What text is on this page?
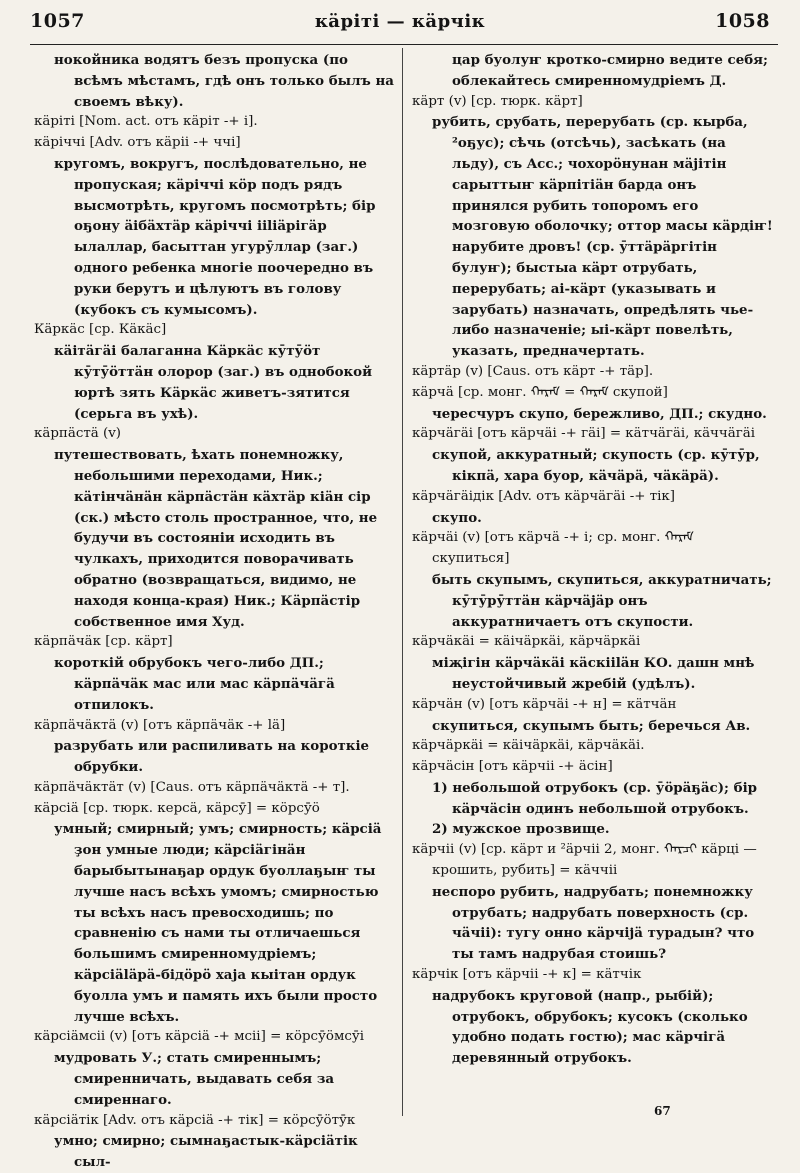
1057	кäрiтi — кäрчiк	1058

нокойника водятъ безъ пропуска (по всѣмъ мѣстамъ, гдѣ онъ только былъ на своемъ вѣку).

кäрiтi [Nom. act. отъ кäрiт ‑+ i].

кäрiччi [Adv. отъ кäрii ‑+ ччi]

кругомъ, вокругъ, послѣдовательно, не пропуская; кäрiччi кöр подъ рядъ высмотрѣть, кругомъ посмотрѣть; бiр оҕону äiбäхтäр кäрiччi iiliäрiгäр ылаллар, басыттан угурӯллар (заг.) одного ребенка многiе поочередно въ руки берутъ и цѣлуютъ въ голову (кубокъ съ кумысомъ).

Кäркäс [ср. Кäкäс]

кäiтäгäi балаганна Кäркäс кӯтӯöт кӯтӯӧттäн олорор (заг.) въ однобокой юртѣ зять Кäркäс живетъ-зятится (серьга въ ухѣ).

кäрпäстä (v)

путешествовать, ѣхать понемножку, небольшими переходами, Ник.; кäтiнчäнäн кäрпäстäн кäхтäр кiäн сiр (ск.) мѣсто столь пространное, что, не будучи въ состоянiи исходить въ чулкахъ, приходится поворачивать обратно (возвращаться, видимо, не находя конца-края) Ник.; Кäрпäстiр собственное имя Худ.

кäрпäчäк [ср. кäрт]

короткiй обрубокъ чего-либо ДП.; кäрпäчäк мас или мас кäрпäчäгä отпилокъ.

кäрпäчäктä (v) [отъ кäрпäчäк ‑+ lä]

разрубать или распиливать на короткiе обрубки.

кäрпäчäктäт (v) [Caus. отъ кäрпäчäктä ‑+ т].

кäрсiä [ср. тюрк. керсä, кäрсӯ] = кöрсӯö

умный; смирный; умъ; смирность; кäрсiä ҙон умные люди; кäрсiäгiнäн барыбытынаҕар ордук буоллаҕыҥ ты лучше насъ всѣхъ умомъ; смирностью ты всѣхъ насъ превосходишь; по сравненiю съ нами ты отличаешься большимъ смиренномудрiемъ; кäрсiäläрä-бiдöрö хаjа кыiтан ордук буолла умъ и память ихъ были просто лучше всѣхъ.

кäрсiäмсii (v) [отъ кäрсiä ‑+ мсii] = кöрсӯöмсӯi

мудровать У.; стать смиреннымъ; смиренничать, выдавать себя за смиреннаго.

кäрсiäтiк [Adv. отъ кäрсiä ‑+ тiк] = кöрсӯöтӯк

умно; смирно; сымнаҕастык-кäрсiäтiк сыл-

цар буолуҥ кротко-смирно ведите себя; облекайтесь смиренномудрiемъ Д.

кäрт (v) [ср. тюрк. кäрт]

рубить, срубать, перерубать (ср. кырба, ²оҕус); сѣчь (отсѣчь), засѣкать (на льду), съ Acc.; чохорӧнунан мäjiтiн сарыттыҥ кäрпiтiäн барда онъ принялся рубить топоромъ его мозговую оболочку; оттор масы кäрдiҥ! нарубите дровъ! (ср. ӯттäрäргiтiн булуҥ); быстыа кäрт отрубать, перерубать; аi-кäрт (указывать и зарубать) назначать, опредѣлять чье-либо назначенiе; ыi-кäрт повелѣть, указать, предначертать.

кäртäр (v) [Caus. отъ кäрт ‑+ тäр].

кäрчä [ср. монг. ᠬᠠᠷᠠᠮ = ᠬᠠᠷᠠᠮ скупой]

чересчуръ скупо, бережливо, ДП.; скудно.

кäрчäгäi [отъ кäрчäi ‑+ гäi] = кäтчäгäi, кäччäгäi

скупой, аккуратный; скупость (ср. кӯтӯр, кiкпä, хара буор, кäчäрä, чäкäрä).

кäрчäгäiдiк [Adv. отъ кäрчäгäi ‑+ тiк]

скупо.

кäрчäi (v) [отъ кäрчä ‑+ i; ср. монг. ᠬᠠᠷᠠᠮ скупиться]

быть скупымъ, скупиться, аккуратничать; кӯтӯрӯттäн кäрчäjäр онъ аккуратничаетъ отъ скупости.

кäрчäкäi = кäiчäркäi, кäрчäркäi

мiҗiгiн кäрчäкäi кäскiiläн КО. дашн мнѣ неустойчивый жребiй (удѣлъ).

кäрчäн (v) [отъ кäрчäi ‑+ н] = кäтчäн

скупиться, скупымъ быть; беречься Ав.

кäрчäркäi = кäiчäркäi, кäрчäкäi.

кäрчäсiн [отъ кäрчii ‑+ äсiн]

1) небольшой отрубокъ (ср. ӯöрäҕäс); бiр кäрчäсiн одинъ небольшой отрубокъ.

2) мужское прозвище.

кäрчii (v) [ср. кäрт и ²äрчii 2, монг. ᠬᠠᠷᠴᠢ кäрцi — крошить, рубить] = кäччii

неспоро рубить, надрубать; понемножку отрубать; надрубать поверхность (ср. чäчii): тугу онно кäрчiјä турадын? что ты тамъ надрубая стоишь?

кäрчiк [отъ кäрчii ‑+ к] = кäтчiк

надрубокъ круговой (напр., рыбiй); отрубокъ, обрубокъ; кусокъ (сколько удобно подать гостю); мас кäрчiгä деревянный отрубокъ.

67
